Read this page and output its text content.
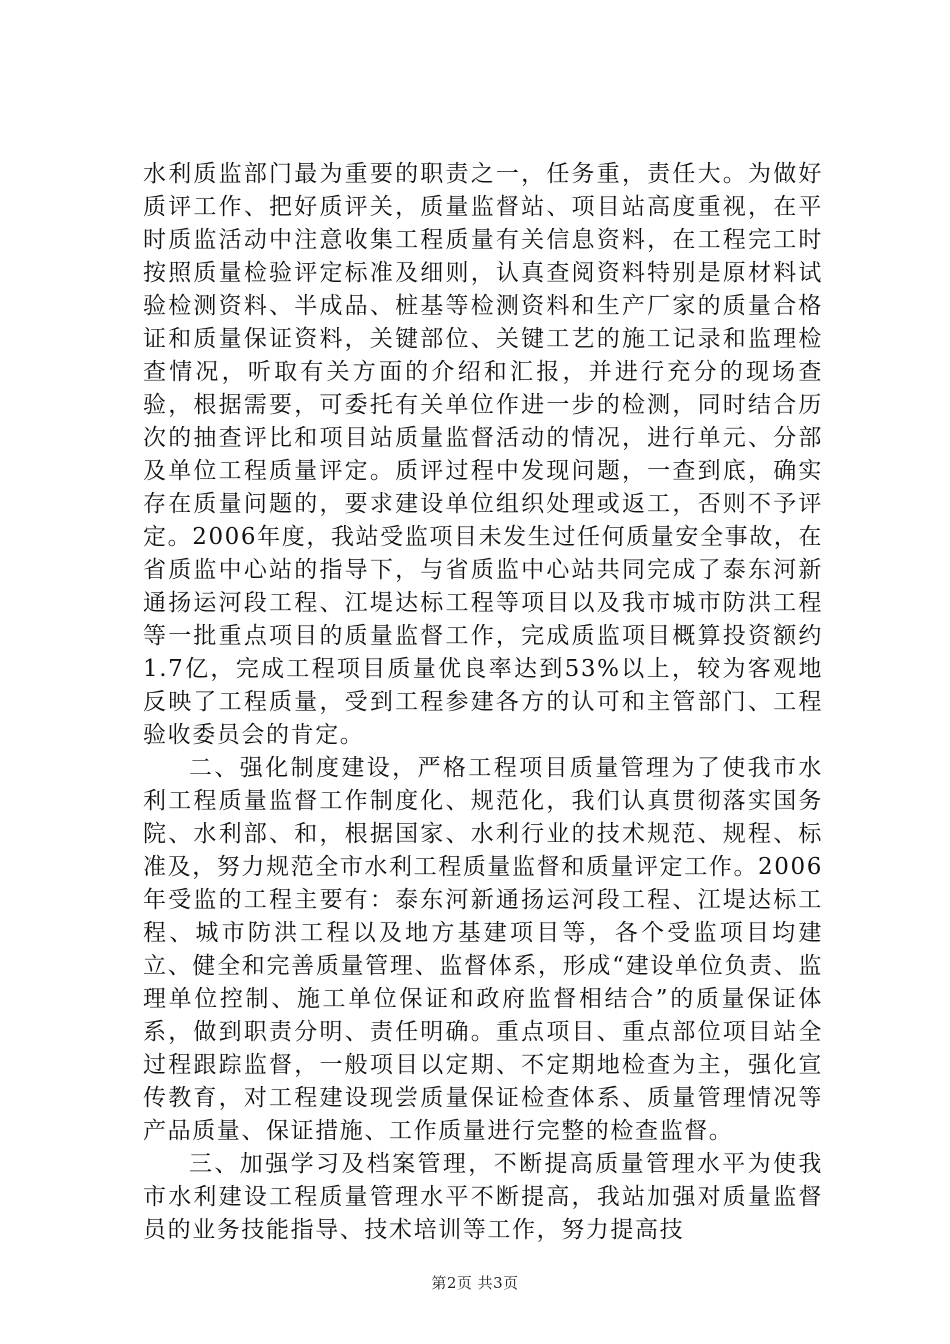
水利质监部门最为重要的职责之一，任务重，责任大。为做好质评工作、把好质评关，质量监督站、项目站高度重视，在平时质监活动中注意收集工程质量有关信息资料，在工程完工时按照质量检验评定标准及细则，认真查阅资料特别是原材料试验检测资料、半成品、桩基等检测资料和生产厂家的质量合格证和质量保证资料，关键部位、关键工艺的施工记录和监理检查情况，听取有关方面的介绍和汇报，并进行充分的现场查验，根据需要，可委托有关单位作进一步的检测，同时结合历次的抽查评比和项目站质量监督活动的情况，进行单元、分部及单位工程质量评定。质评过程中发现问题，一查到底，确实存在质量问题的，要求建设单位组织处理或返工，否则不予评定。2006年度，我站受监项目未发生过任何质量安全事故，在省质监中心站的指导下，与省质监中心站共同完成了泰东河新通扬运河段工程、江堤达标工程等项目以及我市城市防洪工程等一批重点项目的质量监督工作，完成质监项目概算投资额约1.7亿，完成工程项目质量优良率达到53%以上，较为客观地反映了工程质量，受到工程参建各方的认可和主管部门、工程验收委员会的肯定。

二、强化制度建设，严格工程项目质量管理为了使我市水利工程质量监督工作制度化、规范化，我们认真贯彻落实国务院、水利部、和，根据国家、水利行业的技术规范、规程、标准及，努力规范全市水利工程质量监督和质量评定工作。2006年受监的工程主要有：泰东河新通扬运河段工程、江堤达标工程、城市防洪工程以及地方基建项目等，各个受监项目均建立、健全和完善质量管理、监督体系，形成“建设单位负责、监理单位控制、施工单位保证和政府监督相结合”的质量保证体系，做到职责分明、责任明确。重点项目、重点部位项目站全过程跟踪监督，一般项目以定期、不定期地检查为主，强化宣传教育，对工程建设现尝质量保证检查体系、质量管理情况等产品质量、保证措施、工作质量进行完整的检查监督。

三、加强学习及档案管理，不断提高质量管理水平为使我市水利建设工程质量管理水平不断提高，我站加强对质量监督员的业务技能指导、技术培训等工作，努力提高技

第2页 共3页
